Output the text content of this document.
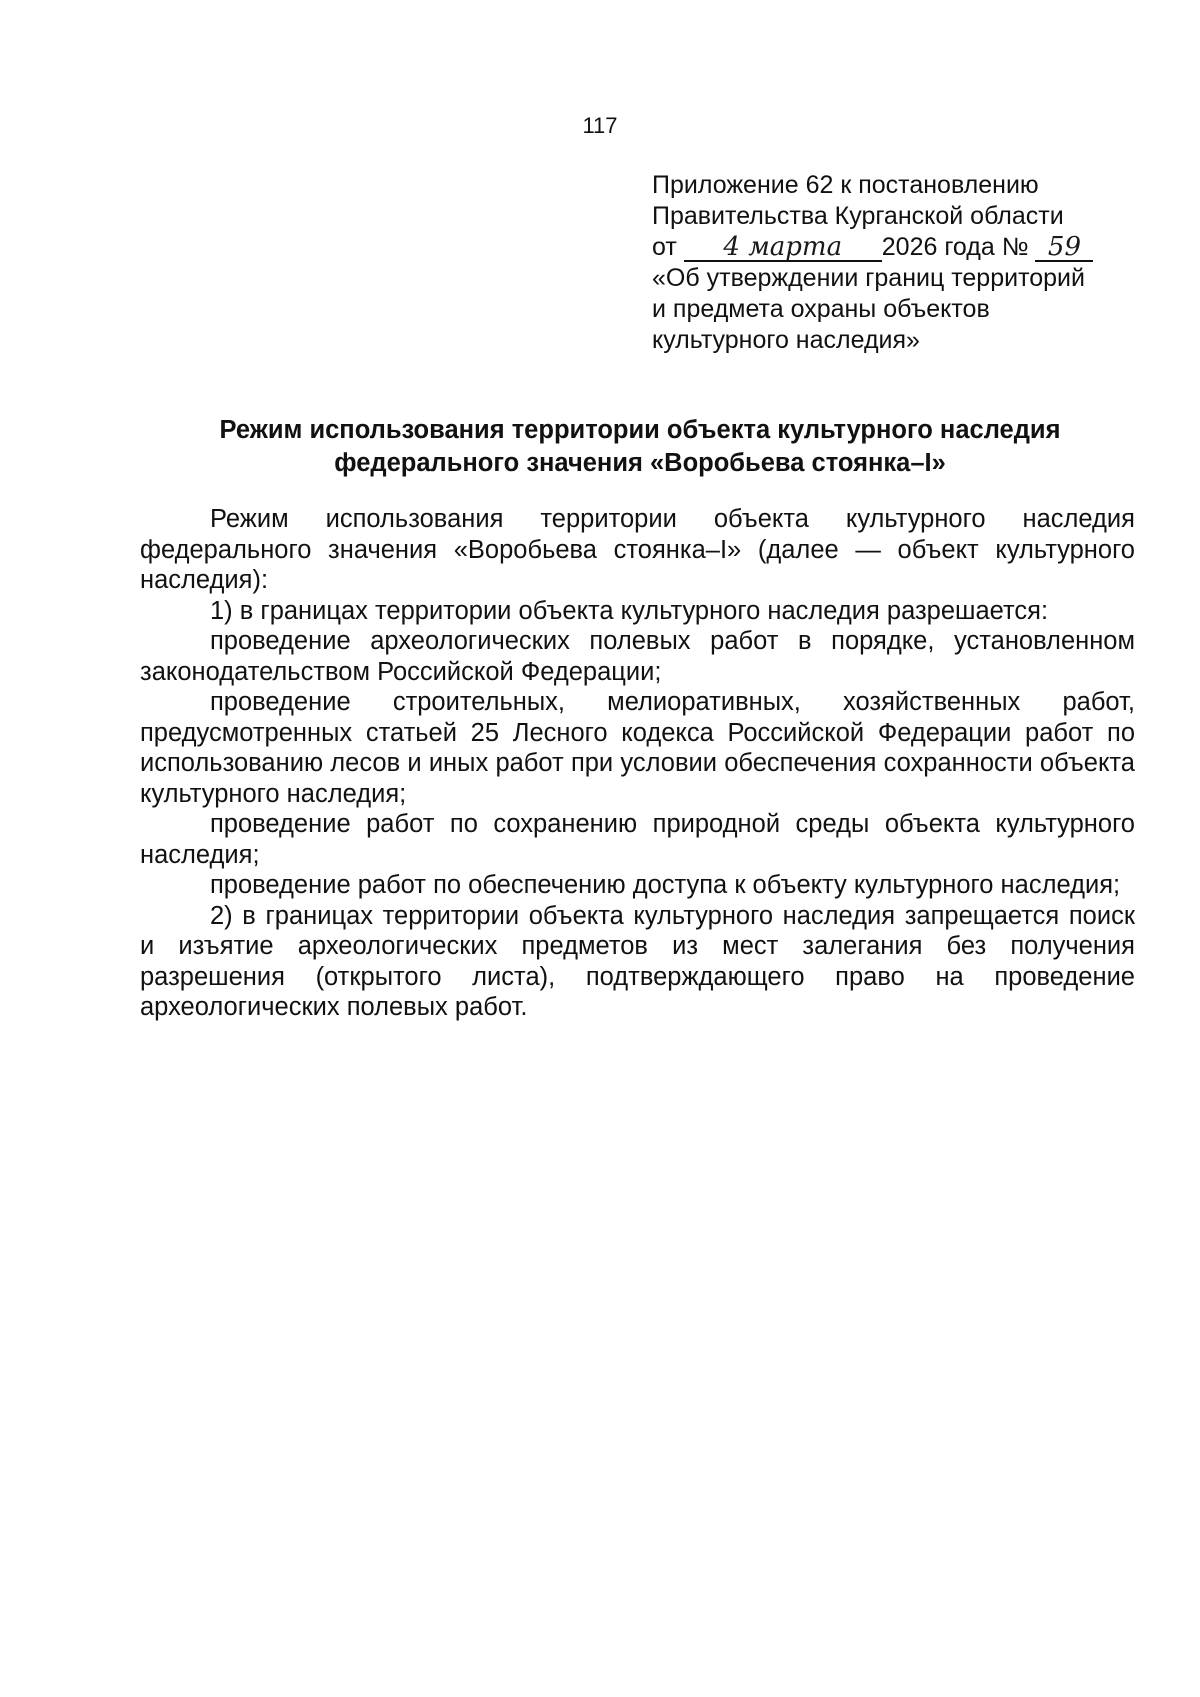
117
Приложение 62 к постановлению
Правительства Курганской области
от 4 марта 2026 года № 59
«Об утверждении границ территорий
и предмета охраны объектов
культурного наследия»
Режим использования территории объекта культурного наследия
федерального значения «Воробьева стоянка–I»

Режим использования территории объекта культурного наследия федерального значения «Воробьева стоянка–I» (далее — объект культурного наследия):

1) в границах территории объекта культурного наследия разрешается:

проведение археологических полевых работ в порядке, установленном законодательством Российской Федерации;

проведение строительных, мелиоративных, хозяйственных работ, предусмотренных статьей 25 Лесного кодекса Российской Федерации работ по использованию лесов и иных работ при условии обеспечения сохранности объекта культурного наследия;

проведение работ по сохранению природной среды объекта культурного наследия;

проведение работ по обеспечению доступа к объекту культурного наследия;

2) в границах территории объекта культурного наследия запрещается поиск и изъятие археологических предметов из мест залегания без получения разрешения (открытого листа), подтверждающего право на проведение археологических полевых работ.
